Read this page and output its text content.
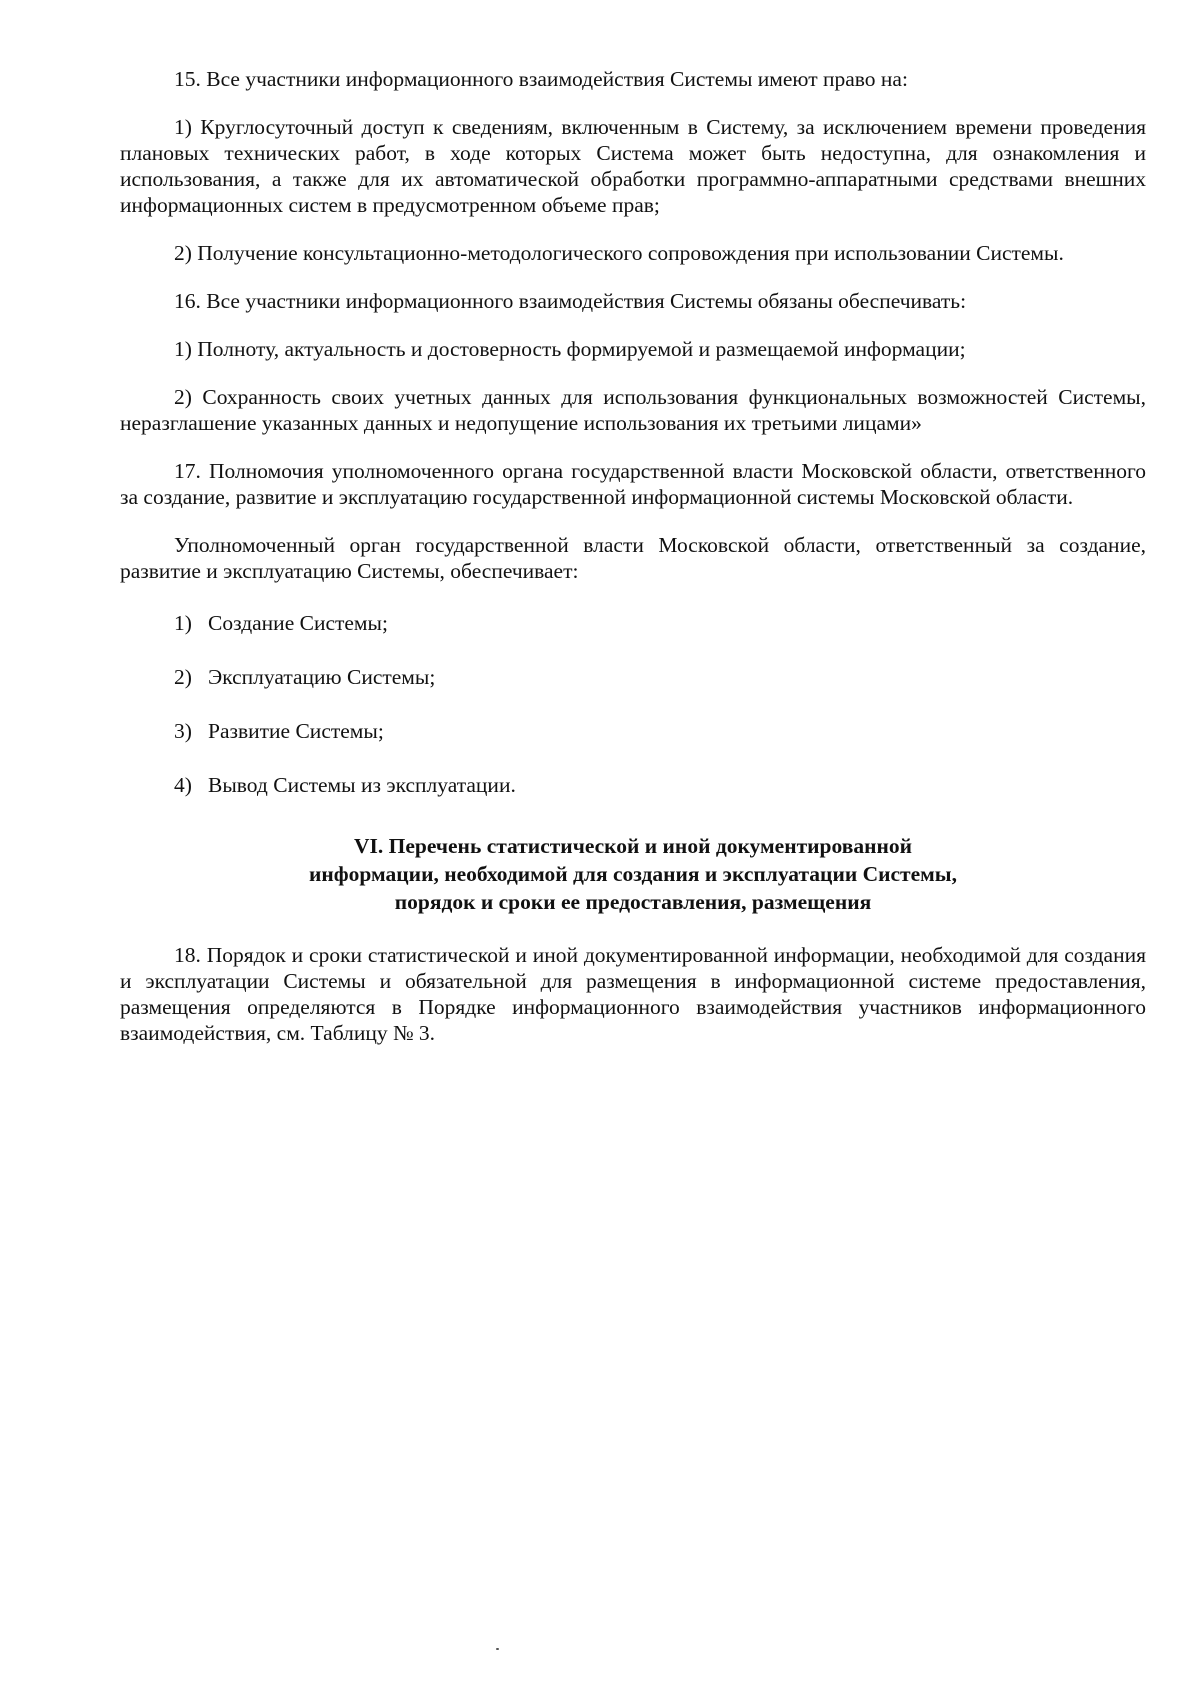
15. Все участники информационного взаимодействия Системы имеют право на:

1) Круглосуточный доступ к сведениям, включенным в Систему, за исключением времени проведения плановых технических работ, в ходе которых Система может быть недоступна, для ознакомления и использования, а также для их автоматической обработки программно-аппаратными средствами внешних информационных систем в предусмотренном объеме прав;

2) Получение консультационно-методологического сопровождения при использовании Системы.

16. Все участники информационного взаимодействия Системы обязаны обеспечивать:

1) Полноту, актуальность и достоверность формируемой и размещаемой информации;

2) Сохранность своих учетных данных для использования функциональных возможностей Системы, неразглашение указанных данных и недопущение использования их третьими лицами»

17. Полномочия уполномоченного органа государственной власти Московской области, ответственного за создание, развитие и эксплуатацию государственной информационной системы Московской области.

Уполномоченный орган государственной власти Московской области, ответственный за создание, развитие и эксплуатацию Системы, обеспечивает:

1) Создание Системы;
2) Эксплуатацию Системы;
3) Развитие Системы;
4) Вывод Системы из эксплуатации.
VI. Перечень статистической и иной документированной
информации, необходимой для создания и эксплуатации Системы,
порядок и сроки ее предоставления, размещения

18. Порядок и сроки статистической и иной документированной информации, необходимой для создания и эксплуатации Системы и обязательной для размещения в информационной системе предоставления, размещения определяются в Порядке информационного взаимодействия участников информационного взаимодействия, см. Таблицу № 3.
